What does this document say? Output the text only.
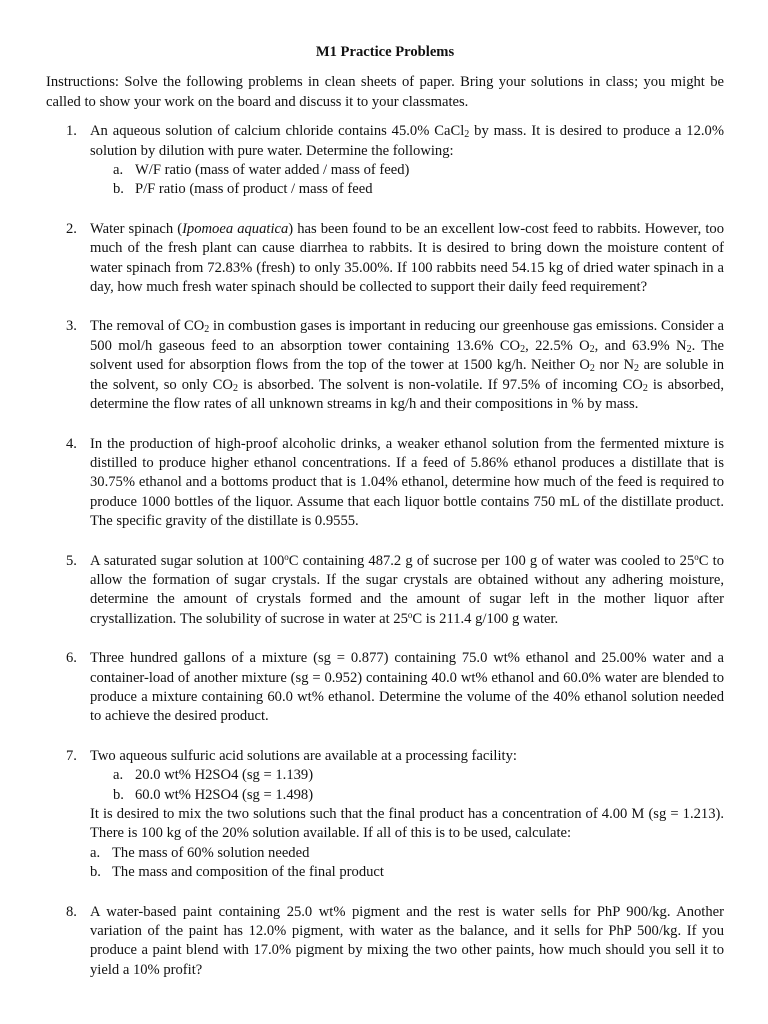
M1 Practice Problems

Instructions: Solve the following problems in clean sheets of paper. Bring your solutions in class; you might be called to show your work on the board and discuss it to your classmates.

1. An aqueous solution of calcium chloride contains 45.0% CaCl$_2$ by mass. It is desired to produce a 12.0% solution by dilution with pure water. Determine the following:

a. W/F ratio (mass of water added / mass of feed)
b. P/F ratio (mass of product / mass of feed
2. Water spinach (Ipomoea aquatica) has been found to be an excellent low-cost feed to rabbits. However, too much of the fresh plant can cause diarrhea to rabbits. It is desired to bring down the moisture content of water spinach from 72.83% (fresh) to only 35.00%. If 100 rabbits need 54.15 kg of dried water spinach in a day, how much fresh water spinach should be collected to support their daily feed requirement?

3. The removal of $CO_2$ in combustion gases is important in reducing our greenhouse gas emissions. Consider a 500 mol/h gaseous feed to an absorption tower containing 13.6% $CO_2$, 22.5% $O_2$, and 63.9% $N_2$. The solvent used for absorption flows from the top of the tower at 1500 kg/h. Neither $O_2$ nor $N_2$ are soluble in the solvent, so only $CO_2$ is absorbed. The solvent is non-volatile. If 97.5% of incoming $CO_2$ is absorbed, determine the flow rates of all unknown streams in kg/h and their compositions in % by mass.

4. In the production of high-proof alcoholic drinks, a weaker ethanol solution from the fermented mixture is distilled to produce higher ethanol concentrations. If a feed of 5.86% ethanol produces a distillate that is 30.75% ethanol and a bottoms product that is 1.04% ethanol, determine how much of the feed is required to produce 1000 bottles of the liquor. Assume that each liquor bottle contains 750 mL of the distillate product. The specific gravity of the distillate is 0.9555.

5. A saturated sugar solution at 100$^o$C containing 487.2 g of sucrose per 100 g of water was cooled to 25$^o$C to allow the formation of sugar crystals. If the sugar crystals are obtained without any adhering moisture, determine the amount of crystals formed and the amount of sugar left in the mother liquor after crystallization. The solubility of sucrose in water at 25$^o$C is 211.4 g/100 g water.

6. Three hundred gallons of a mixture (sg = 0.877) containing 75.0 wt% ethanol and 25.00% water and a container-load of another mixture (sg = 0.952) containing 40.0 wt% ethanol and 60.0% water are blended to produce a mixture containing 60.0 wt% ethanol. Determine the volume of the 40% ethanol solution needed to achieve the desired product.

7. Two aqueous sulfuric acid solutions are available at a processing facility:

a. 20.0 wt% H2SO4 (sg = 1.139)
b. 60.0 wt% H2SO4 (sg = 1.498)

It is desired to mix the two solutions such that the final product has a concentration of 4.00 M (sg = 1.213). There is 100 kg of the 20% solution available. If all of this is to be used, calculate:

a. The mass of 60% solution needed
b. The mass and composition of the final product
8. A water-based paint containing 25.0 wt% pigment and the rest is water sells for PhP 900/kg. Another variation of the paint has 12.0% pigment, with water as the balance, and it sells for PhP 500/kg. If you produce a paint blend with 17.0% pigment by mixing the two other paints, how much should you sell it to yield a 10% profit?
